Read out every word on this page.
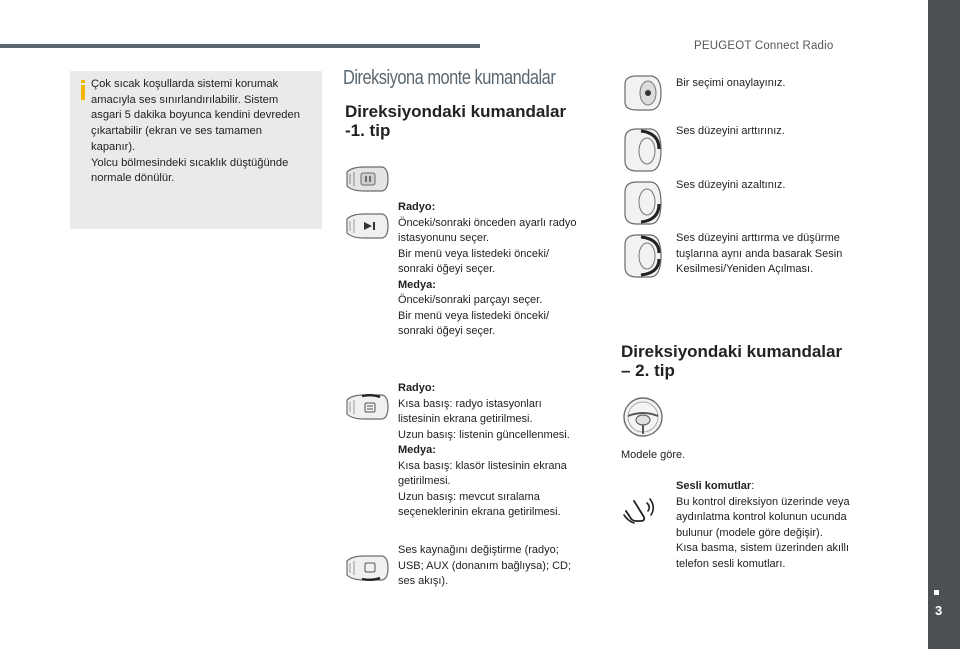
3
PEUGEOT Connect Radio
Çok sıcak koşullarda sistemi korumak
amacıyla ses sınırlandırılabilir. Sistem
asgari 5 dakika boyunca kendini devreden
çıkartabilir (ekran ve ses tamamen
kapanır).
Yolcu bölmesindeki sıcaklık düştüğünde
normale dönülür.
Direksiyona monte kumandalar
Direksiyondaki kumandalar
-1. tip
Radyo:
Önceki/sonraki önceden ayarlı radyo
istasyonunu seçer.
Bir menü veya listedeki önceki/
sonraki öğeyi seçer.
Medya:
Önceki/sonraki parçayı seçer.
Bir menü veya listedeki önceki/
sonraki öğeyi seçer.
Radyo:
Kısa basış: radyo istasyonları
listesinin ekrana getirilmesi.
Uzun basış: listenin güncellenmesi.
Medya:
Kısa basış: klasör listesinin ekrana
getirilmesi.
Uzun basış: mevcut sıralama
seçeneklerinin ekrana getirilmesi.
Ses kaynağını değiştirme (radyo;
USB; AUX (donanım bağlıysa); CD;
ses akışı).
Bir seçimi onaylayınız.
Ses düzeyini arttırınız.
Ses düzeyini azaltınız.
Ses düzeyini arttırma ve düşürme
tuşlarına aynı anda basarak Sesin
Kesilmesi/Yeniden Açılması.
Direksiyondaki kumandalar
– 2. tip
Modele göre.
Sesli komutlar:
Bu kontrol direksiyon üzerinde veya
aydınlatma kontrol kolunun ucunda
bulunur (modele göre değişir).
Kısa basma, sistem üzerinden akıllı
telefon sesli komutları.
